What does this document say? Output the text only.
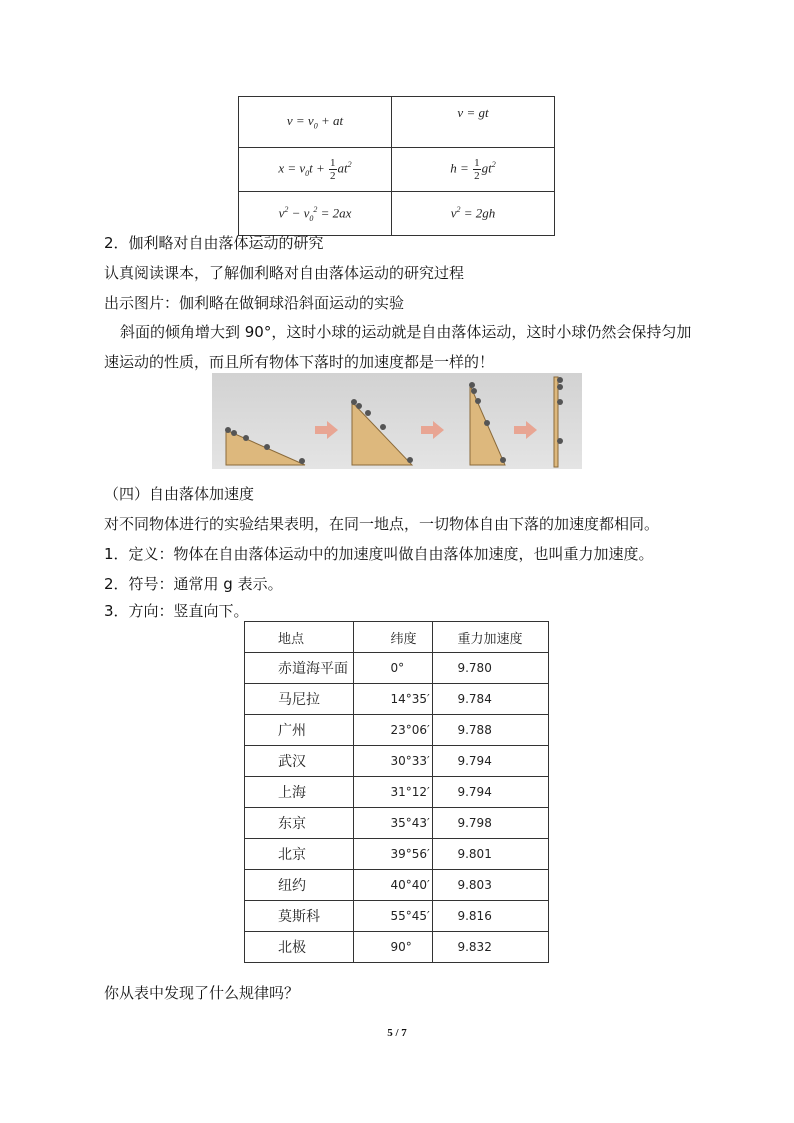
$v = v_0$ + at	v = gt
$x = v_0t + \frac{1}{2} at^2$	$h = \frac{1}{2} gt^2$
$v^2 - v_0^2 = 2ax$	$v^2 = 2gh$
2．伽利略对自由落体运动的研究
认真阅读课本，了解伽利略对自由落体运动的研究过程
出示图片：伽利略在做铜球沿斜面运动的实验
斜面的倾角增大到 90°，这时小球的运动就是自由落体运动，这时小球仍然会保持匀加
速运动的性质，而且所有物体下落时的加速度都是一样的！
（四）自由落体加速度
对不同物体进行的实验结果表明，在同一地点，一切物体自由下落的加速度都相同。
1．定义：物体在自由落体运动中的加速度叫做自由落体加速度，也叫重力加速度。
2．符号：通常用 g 表示。
3．方向：竖直向下。
地点	纬度	重力加速度
赤道海平面	0°	9.780
马尼拉	14°35′	9.784
广州	23°06′	9.788
武汉	30°33′	9.794
上海	31°12′	9.794
东京	35°43′	9.798
北京	39°56′	9.801
纽约	40°40′	9.803
莫斯科	55°45′	9.816
北极	90°	9.832
你从表中发现了什么规律吗？
5 / 7
